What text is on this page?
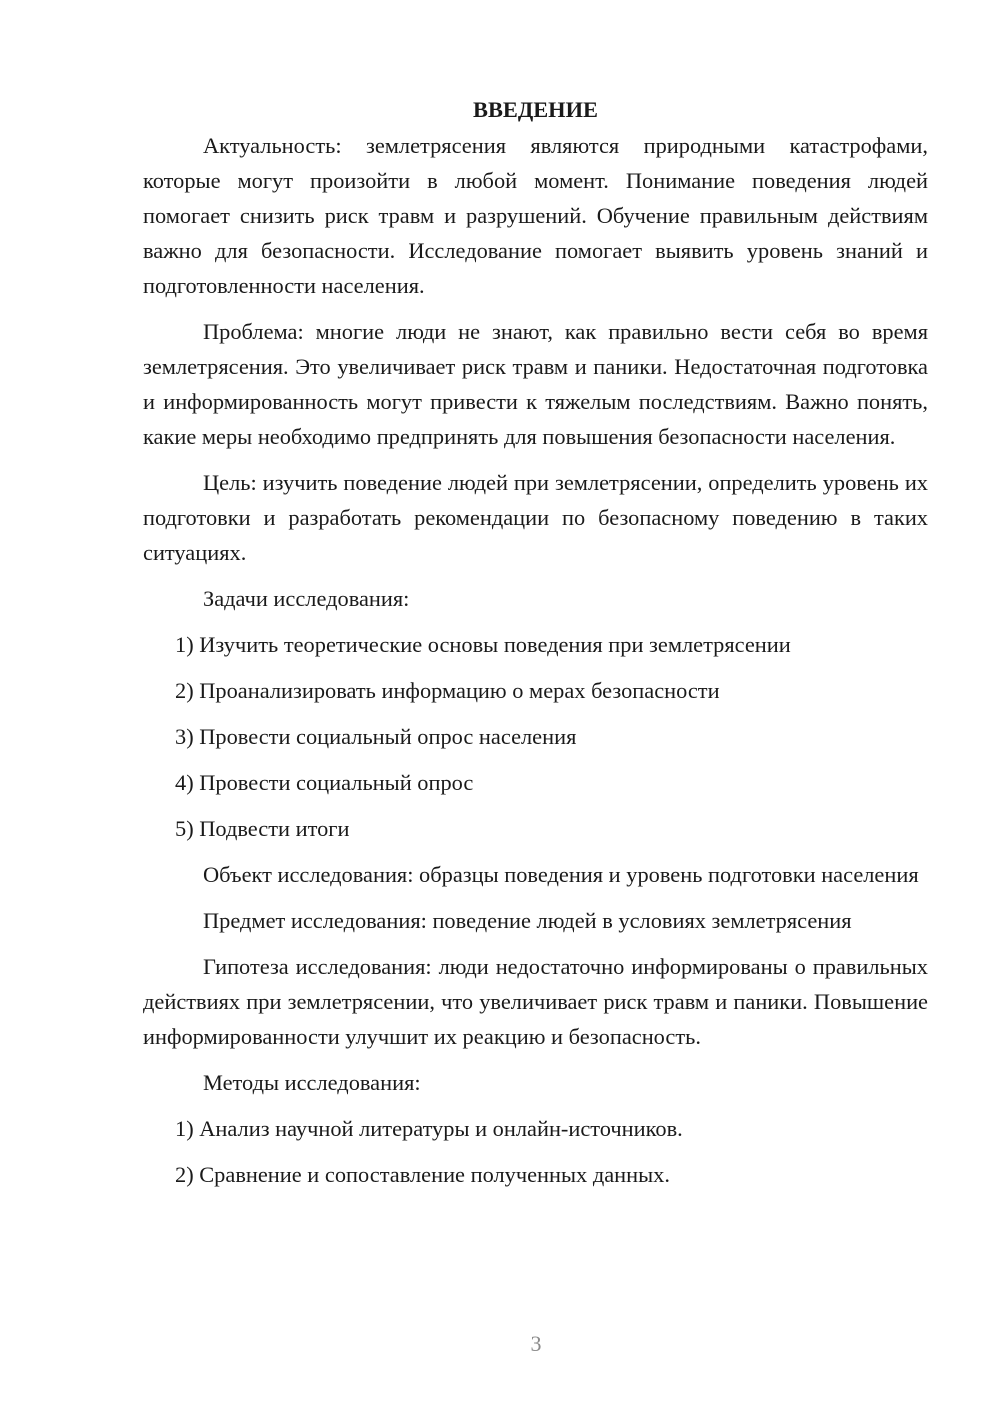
ВВЕДЕНИЕ

Актуальность: землетрясения являются природными катастрофами, которые могут произойти в любой момент. Понимание поведения людей помогает снизить риск травм и разрушений. Обучение правильным действиям важно для безопасности. Исследование помогает выявить уровень знаний и подготовленности населения.

Проблема: многие люди не знают, как правильно вести себя во время землетрясения. Это увеличивает риск травм и паники. Недостаточная подготовка и информированность могут привести к тяжелым последствиям. Важно понять, какие меры необходимо предпринять для повышения безопасности населения.

Цель: изучить поведение людей при землетрясении, определить уровень их подготовки и разработать рекомендации по безопасному поведению в таких ситуациях.

Задачи исследования:

1) Изучить теоретические основы поведения при землетрясении

2) Проанализировать информацию о мерах безопасности

3) Провести социальный опрос населения

4) Провести социальный опрос

5) Подвести итоги

Объект исследования: образцы поведения и уровень подготовки населения

Предмет исследования: поведение людей в условиях землетрясения

Гипотеза исследования: люди недостаточно информированы о правильных действиях при землетрясении, что увеличивает риск травм и паники. Повышение информированности улучшит их реакцию и безопасность.

Методы исследования:

1) Анализ научной литературы и онлайн-источников.

2) Сравнение и сопоставление полученных данных.

3
